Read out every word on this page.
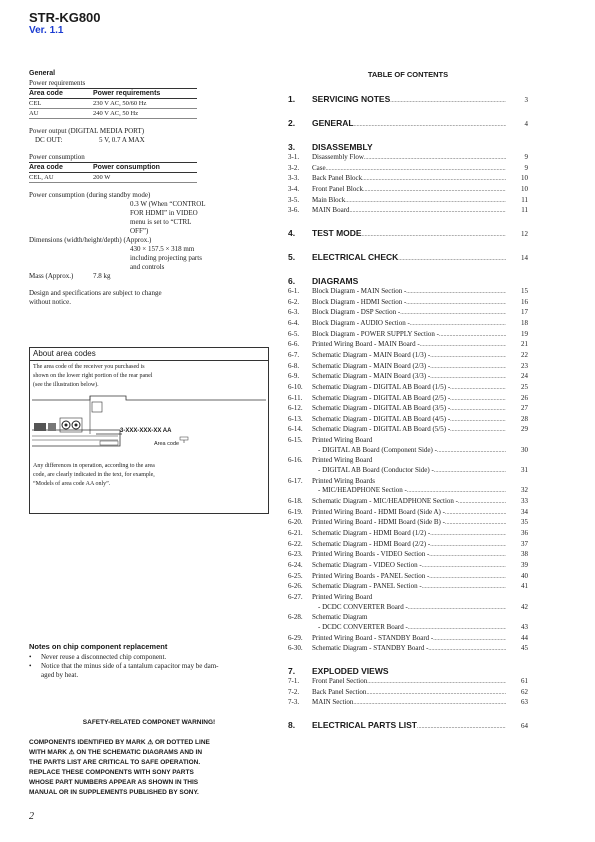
STR-KG800
Ver. 1.1
General
Power requirements
Area code	Power requirements
CEL	230 V AC, 50/60 Hz
AU	240 V AC, 50 Hz
Power output (DIGITAL MEDIA PORT)
DC OUT:	5 V, 0.7 A MAX
Power consumption
Area code	Power consumption
CEL, AU	200 W
Power consumption (during standby mode)
0.3 W (When “CONTROL
FOR HDMI” in VIDEO
menu is set to “CTRL
OFF”)
Dimensions (width/height/depth) (Approx.)
430 × 157.5 × 318 mm
including projecting parts
and controls
Mass (Approx.)	7.8 kg
Design and specifications are subject to change
without notice.
About area codes
The area code of the receiver you purchased is
shown on the lower right portion of the rear panel
(see the illustration below).
3-XXX-XXX-XX AA
Area code
Any differences in operation, according to the area
code, are clearly indicated in the text, for example,
“Models of area code AA only”.
Notes on chip component replacement
•	Never reuse a disconnected chip component.
•	Notice that the minus side of a tantalum capacitor may be dam-
aged by heat.
SAFETY-RELATED COMPONET WARNING!
COMPONENTS IDENTIFIED BY MARK ⚠ OR DOTTED LINE
WITH MARK ⚠ ON THE SCHEMATIC DIAGRAMS AND IN
THE PARTS LIST ARE CRITICAL TO SAFE OPERATION.
REPLACE THESE COMPONENTS WITH SONY PARTS
WHOSE PART NUMBERS APPEAR AS SHOWN IN THIS
MANUAL OR IN SUPPLEMENTS PUBLISHED BY SONY.
2
TABLE OF CONTENTS
1.	SERVICING NOTES .....	3
2.	GENERAL .....	4
3.	DISASSEMBLY
3-1.	Disassembly Flow .....	9
3-2.	Case .....	9
3-3.	Back Panel Block .....	10
3-4.	Front Panel Block .....	10
3-5.	Main Block .....	11
3-6.	MAIN Board .....	11
4.	TEST MODE .....	12
5.	ELECTRICAL CHECK .....	14
6.	DIAGRAMS
6-1.	Block Diagram - MAIN Section - .....	15
6-2.	Block Diagram - HDMI Section - .....	16
6-3.	Block Diagram - DSP Section - .....	17
6-4.	Block Diagram - AUDIO Section - .....	18
6-5.	Block Diagram - POWER SUPPLY Section - .....	19
6-6.	Printed Wiring Board - MAIN Board - .....	21
6-7.	Schematic Diagram - MAIN Board (1/3) - .....	22
6-8.	Schematic Diagram - MAIN Board (2/3) - .....	23
6-9.	Schematic Diagram - MAIN Board (3/3) - .....	24
6-10.	Schematic Diagram - DIGITAL AB Board (1/5) - .....	25
6-11.	Schematic Diagram - DIGITAL AB Board (2/5) - .....	26
6-12.	Schematic Diagram - DIGITAL AB Board (3/5) - .....	27
6-13.	Schematic Diagram - DIGITAL AB Board (4/5) - .....	28
6-14.	Schematic Diagram - DIGITAL AB Board (5/5) - .....	29
6-15.	Printed Wiring Board
- DIGITAL AB Board (Component Side) - .....	30
6-16.	Printed Wiring Board
- DIGITAL AB Board (Conductor Side) - .....	31
6-17.	Printed Wiring Boards
- MIC/HEADPHONE Section - .....	32
6-18.	Schematic Diagram - MIC/HEADPHONE Section - .....	33
6-19.	Printed Wiring Board - HDMI Board (Side A) - .....	34
6-20.	Printed Wiring Board - HDMI Board (Side B) - .....	35
6-21.	Schematic Diagram - HDMI Board (1/2) - .....	36
6-22.	Schematic Diagram - HDMI Board (2/2) - .....	37
6-23.	Printed Wiring Boards - VIDEO Section - .....	38
6-24.	Schematic Diagram - VIDEO Section - .....	39
6-25.	Printed Wiring Boards - PANEL Section - .....	40
6-26.	Schematic Diagram - PANEL Section - .....	41
6-27.	Printed Wiring Board
- DCDC CONVERTER Board - .....	42
6-28.	Schematic Diagram
- DCDC CONVERTER Board - .....	43
6-29.	Printed Wiring Board - STANDBY Board - .....	44
6-30.	Schematic Diagram - STANDBY Board - .....	45
7.	EXPLODED VIEWS
7-1.	Front Panel Section .....	61
7-2.	Back Panel Section .....	62
7-3.	MAIN Section .....	63
8.	ELECTRICAL PARTS LIST .....	64
